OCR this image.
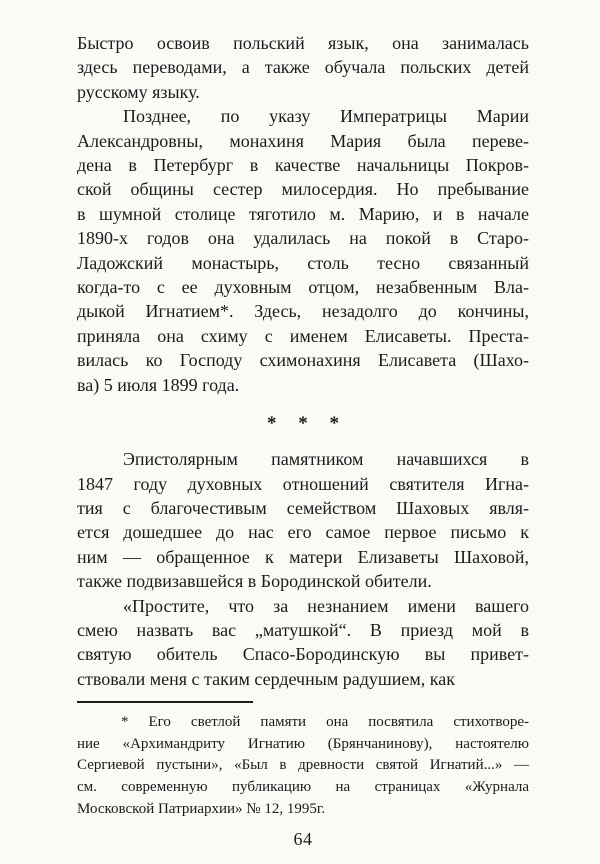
Быстро освоив польский язык, она занималась
здесь переводами, а также обучала польских детей
русскому языку.
Позднее, по указу Императрицы Марии
Александровны, монахиня Мария была переве-
дена в Петербург в качестве начальницы Покров-
ской общины сестер милосердия. Но пребывание
в шумной столице тяготило м. Марию, и в начале
1890-х годов она удалилась на покой в Старо-
Ладожский монастырь, столь тесно связанный
когда-то с ее духовным отцом, незабвенным Вла-
дыкой Игнатием*. Здесь, незадолго до кончины,
приняла она схиму с именем Елисаветы. Преста-
вилась ко Господу схимонахиня Елисавета (Шахо-
ва) 5 июля 1899 года.
* * *
Эпистолярным памятником начавшихся в
1847 году духовных отношений святителя Игна-
тия с благочестивым семейством Шаховых явля-
ется дошедшее до нас его самое первое письмо к
ним — обращенное к матери Елизаветы Шаховой,
также подвизавшейся в Бородинской обители.
«Простите, что за незнанием имени вашего
смею назвать вас „матушкой“. В приезд мой в
святую обитель Спасо-Бородинскую вы привет-
ствовали меня с таким сердечным радушием, как
* Его светлой памяти она посвятила стихотворе-
ние «Архимандриту Игнатию (Брянчанинову), настоятелю
Сергиевой пустыни», «Был в древности святой Игнатий...» —
см. современную публикацию на страницах «Журнала
Московской Патриархии» № 12, 1995г.
64
